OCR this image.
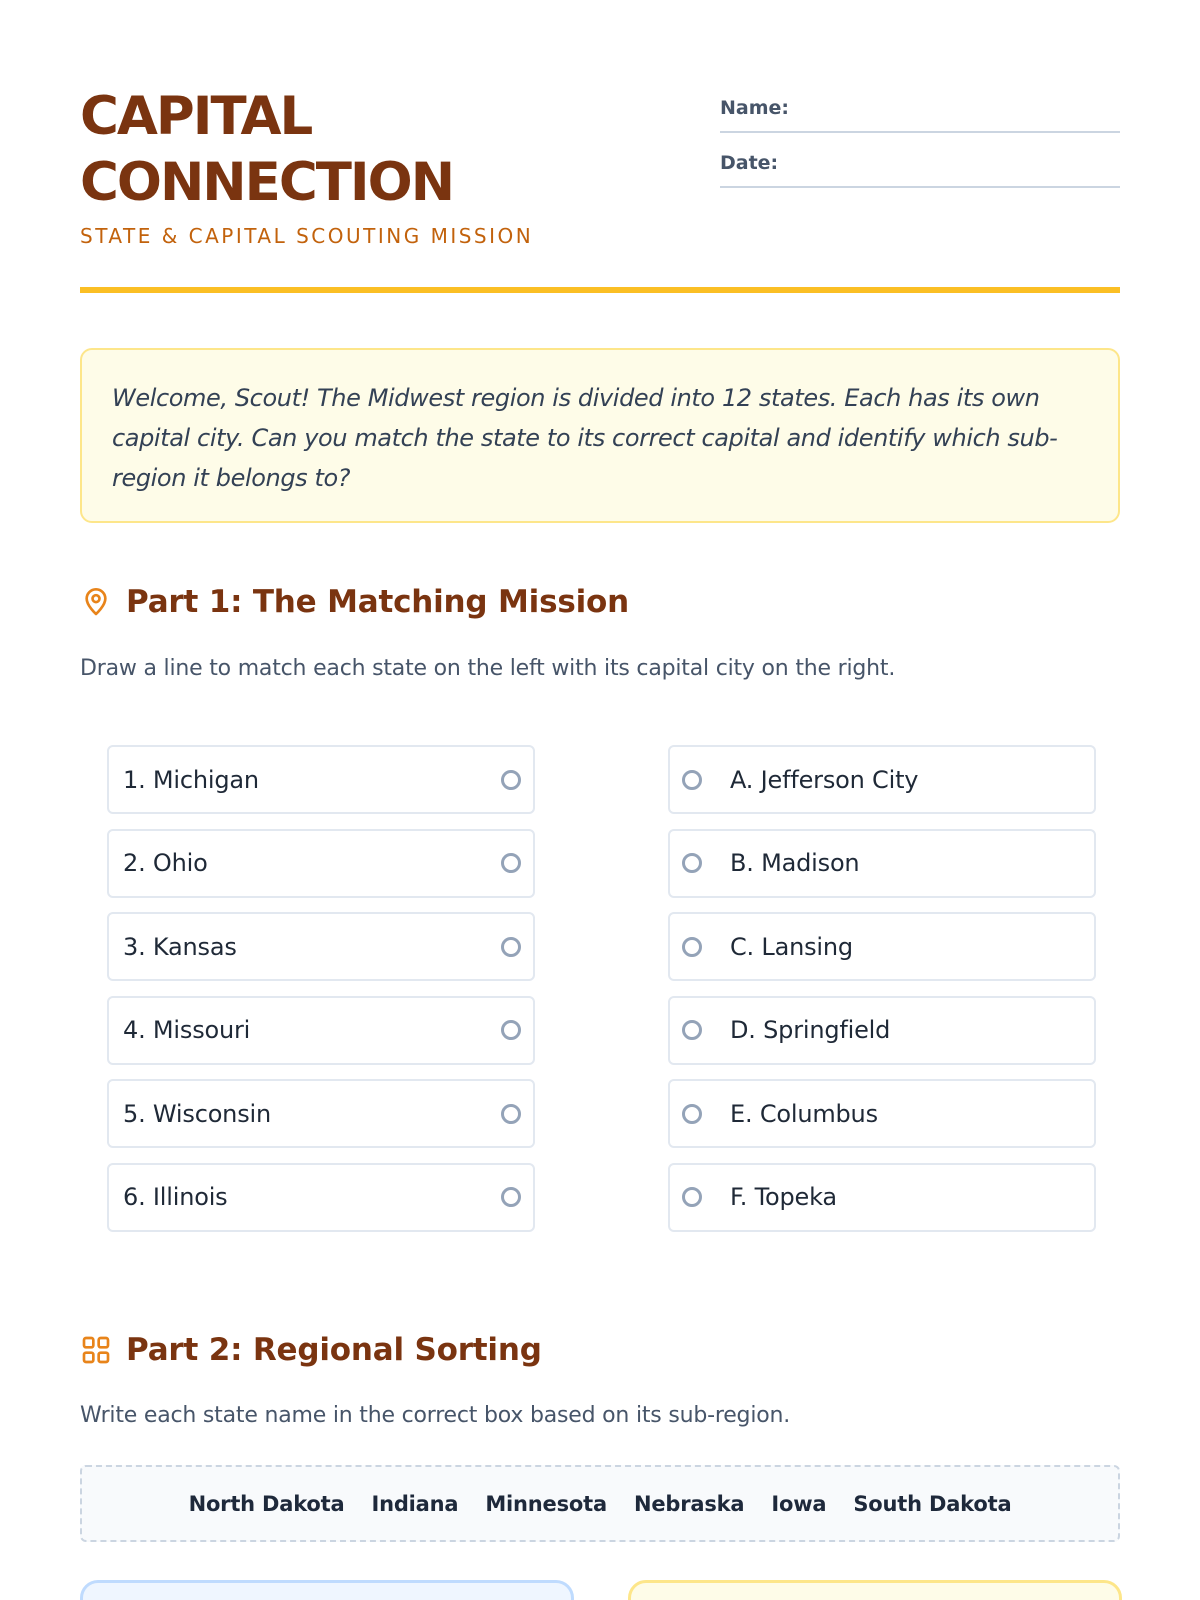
CAPITAL
CONNECTION
STATE & CAPITAL SCOUTING MISSION
Name:
Date:

Welcome, Scout! The Midwest region is divided into 12 states. Each has its own capital city. Can you match the state to its correct capital and identify which sub-region it belongs to?

Part 1: The Matching Mission
Draw a line to match each state on the left with its capital city on the right.
1. Michigan
2. Ohio
3. Kansas
4. Missouri
5. Wisconsin
6. Illinois
A. Jefferson City
B. Madison
C. Lansing
D. Springfield
E. Columbus
F. Topeka
Part 2: Regional Sorting
Write each state name in the correct box based on its sub-region.
North Dakota Indiana Minnesota Nebraska Iowa South Dakota
